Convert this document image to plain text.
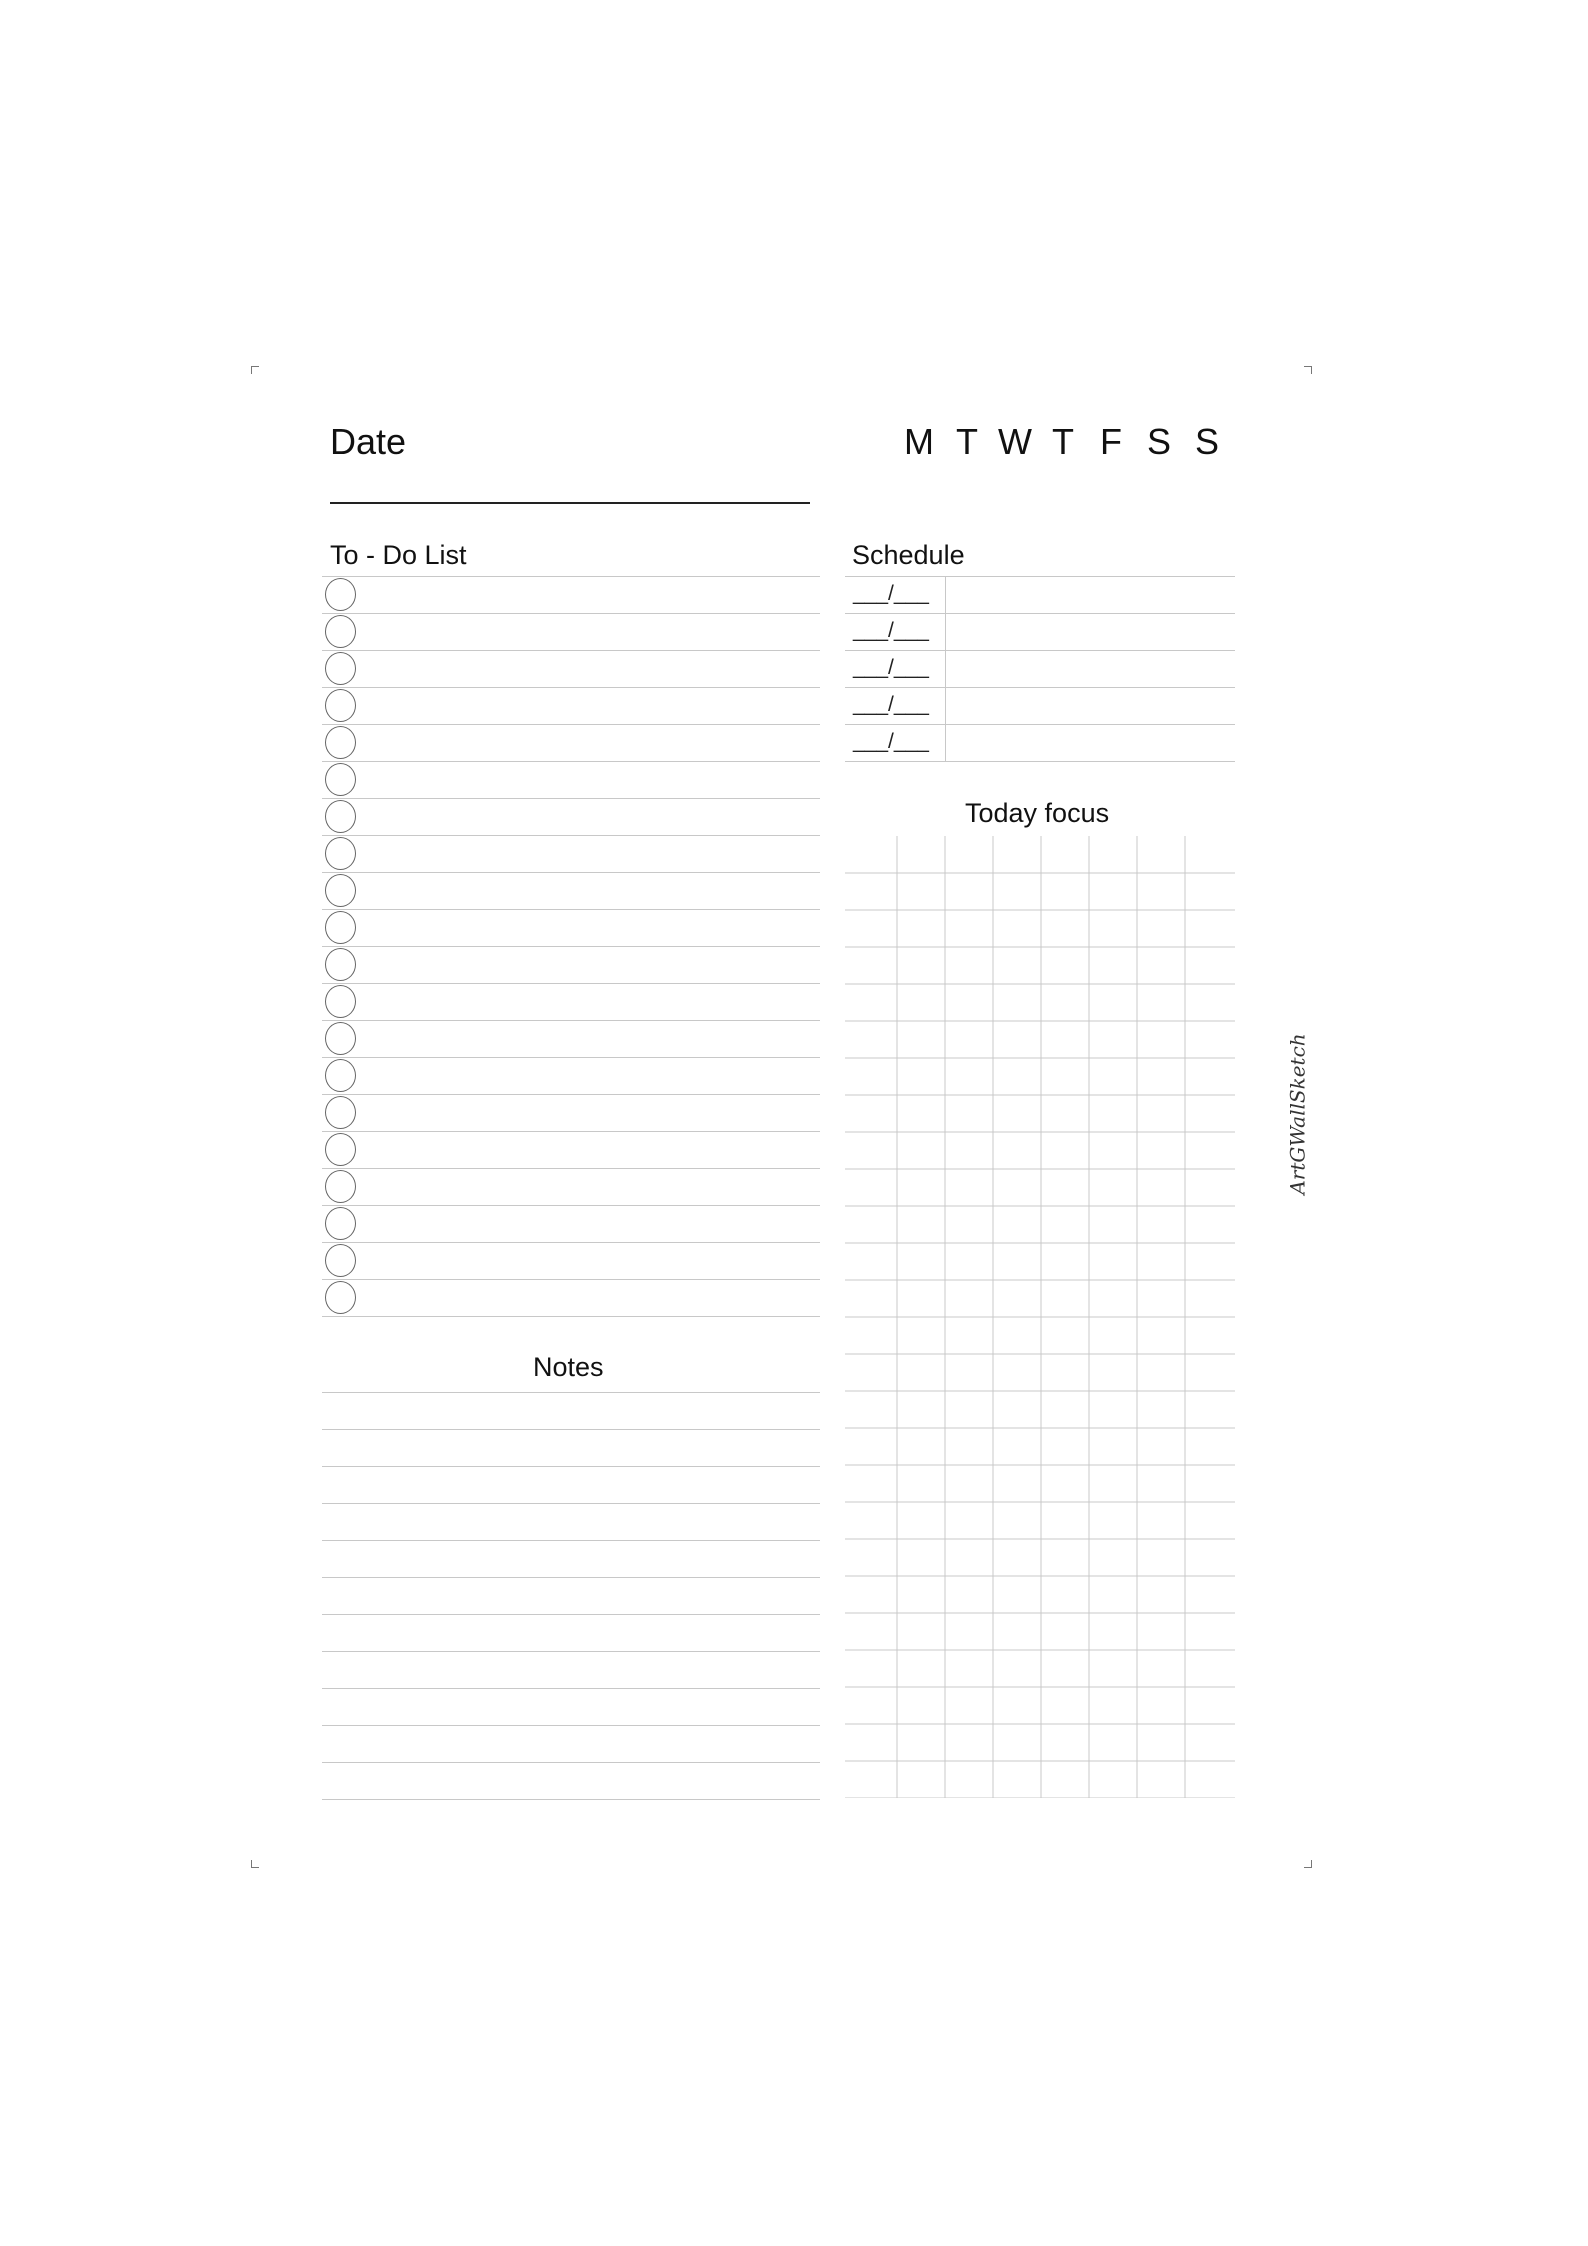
Date	M T W T F S S
To - Do List	Schedule
___/___
___/___
___/___
___/___
___/___
Today focus
Notes
ArtGWallSketch
